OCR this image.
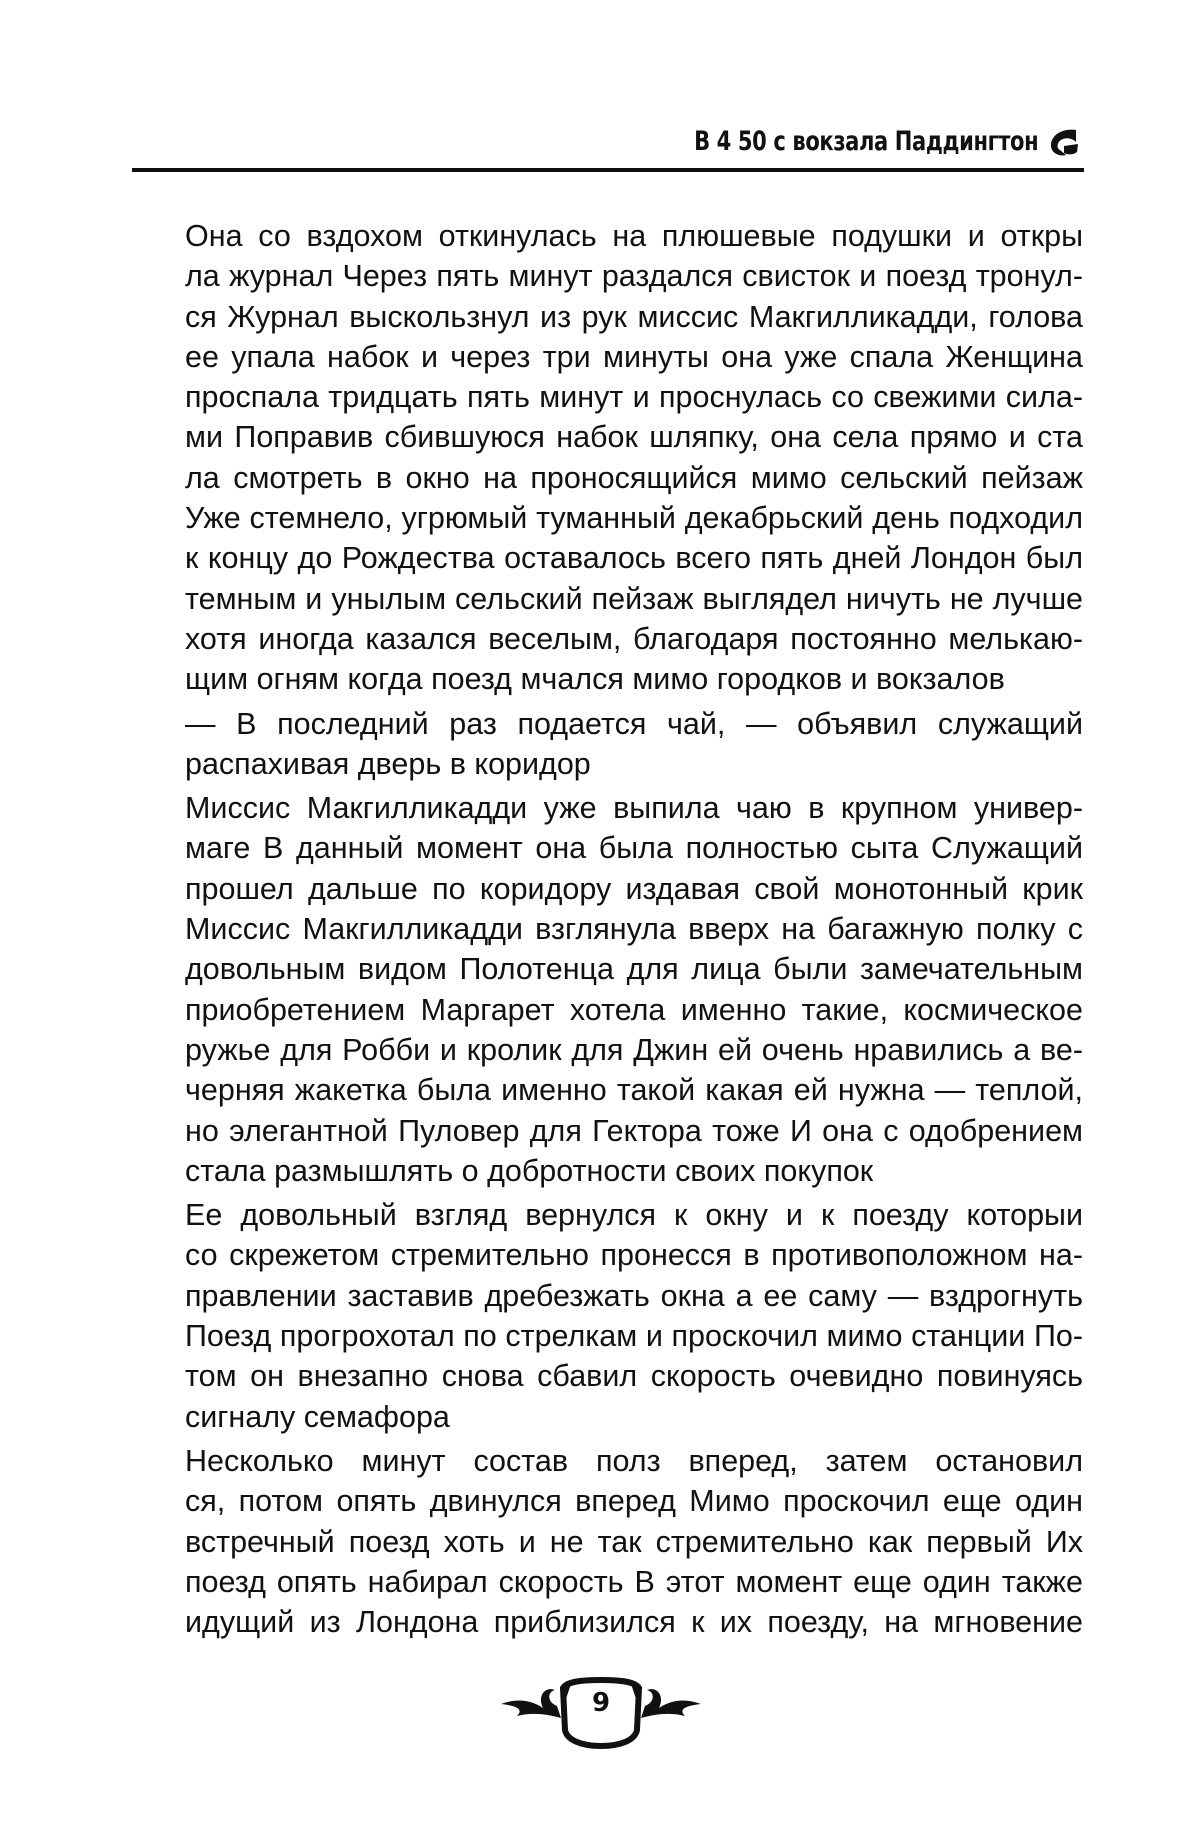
В 4 50 с вокзала Паддингтон

Она со вздохом откинулась на плюшевые подушки и откры
ла журнал Через пять минут раздался свисток и поезд тронул-
ся Журнал выскользнул из рук миссис Макгилликадди, голова
ее упала набок и через три минуты она уже спала Женщина
проспала тридцать пять минут и проснулась со свежими сила-
ми Поправив сбившуюся набок шляпку, она села прямо и ста
ла смотреть в окно на проносящийся мимо сельский пейзаж
Уже стемнело, угрюмый туманный декабрьский день подходил
к концу до Рождества оставалось всего пять дней Лондон был
темным и унылым сельский пейзаж выглядел ничуть не лучше
хотя иногда казался веселым, благодаря постоянно мелькаю-
щим огням когда поезд мчался мимо городков и вокзалов

— В последний раз подается чай, — объявил служащий
распахивая дверь в коридор

Миссис Макгилликадди уже выпила чаю в крупном универ-
маге В данный момент она была полностью сыта Служащий
прошел дальше по коридору издавая свой монотонный крик
Миссис Макгилликадди взглянула вверх на багажную полку с
довольным видом Полотенца для лица были замечательным
приобретением Маргарет хотела именно такие, космическое
ружье для Робби и кролик для Джин ей очень нравились а ве-
черняя жакетка была именно такой какая ей нужна — теплой,
но элегантной Пуловер для Гектора тоже И она с одобрением
стала размышлять о добротности своих покупок

Ее довольный взгляд вернулся к окну и к поезду которыи
со скрежетом стремительно пронесся в противоположном на-
правлении заставив дребезжать окна а ее саму — вздрогнуть
Поезд прогрохотал по стрелкам и проскочил мимо станции По-
том он внезапно снова сбавил скорость очевидно повинуясь
сигналу семафора

Несколько минут состав полз вперед, затем остановил
ся, потом опять двинулся вперед Мимо проскочил еще один
встречный поезд хоть и не так стремительно как первый Их
поезд опять набирал скорость В этот момент еще один также
идущий из Лондона приблизился к их поезду, на мгновение

9
